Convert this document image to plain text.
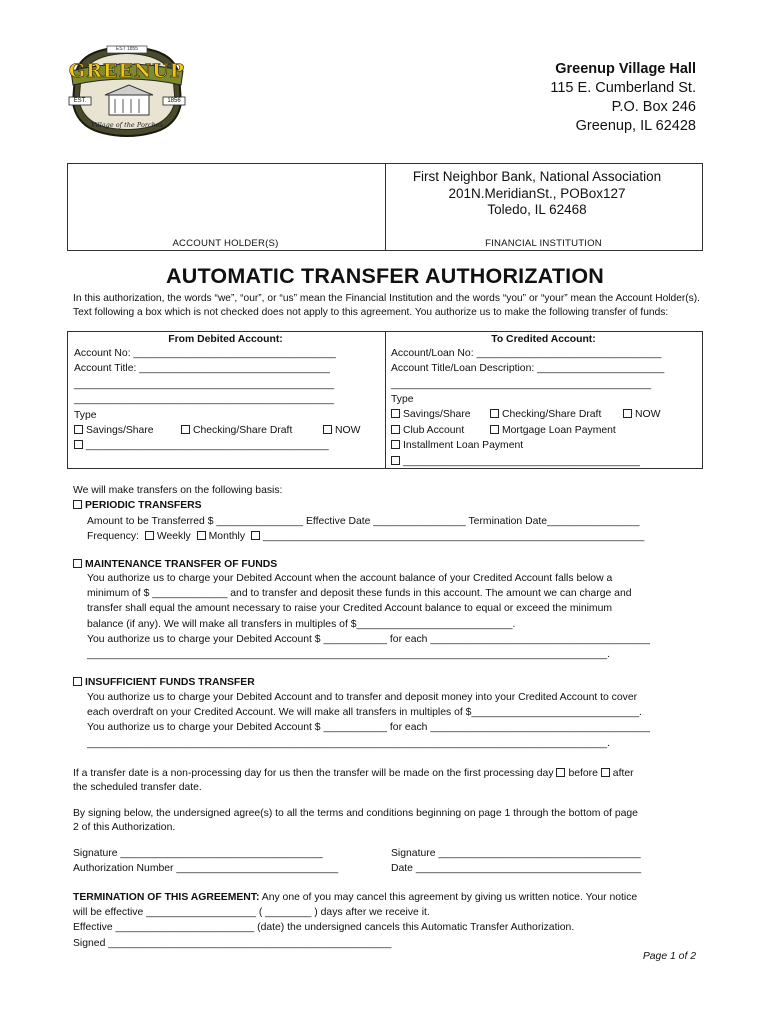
EST 1855
GREENUP
EST.	1856
Village of the Porches
Greenup Village Hall
115 E. Cumberland St.
P.O. Box 246
Greenup, IL 62428
First Neighbor Bank, National Association
201N.MeridianSt., POBox127
Toledo, IL 62468
ACCOUNT HOLDER(S)	FINANCIAL INSTITUTION
AUTOMATIC TRANSFER AUTHORIZATION
In this authorization, the words “we”, “our”, or “us” mean the Financial Institution and the words “you” or “your” mean the Account Holder(s). Text following a box which is not checked does not apply to this agreement. You authorize us to make the following transfer of funds:
From Debited Account:
Account No: ___________________________________
Account Title: _________________________________
_____________________________________________
_____________________________________________
Type
Savings/Share	Checking/Share Draft	NOW
__________________________________________
To Credited Account:
Account/Loan No: ________________________________
Account Title/Loan Description: ______________________
_____________________________________________
Type
Savings/Share	Checking/Share Draft	NOW
Club Account	Mortgage Loan Payment
Installment Loan Payment
_________________________________________
We will make transfers on the following basis:
PERIODIC TRANSFERS
Amount to be Transferred $ _______________ Effective Date ________________ Termination Date________________
Frequency: Weekly Monthly __________________________________________________________________
MAINTENANCE TRANSFER OF FUNDS
You authorize us to charge your Debited Account when the account balance of your Credited Account falls below a
minimum of $ _____________ and to transfer and deposit these funds in this account. The amount we can charge and
transfer shall equal the amount necessary to raise your Credited Account balance to equal or exceed the minimum
balance (if any). We will make all transfers in multiples of $___________________________.
You authorize us to charge your Debited Account $ ___________ for each ______________________________________
__________________________________________________________________________________________.
INSUFFICIENT FUNDS TRANSFER
You authorize us to charge your Debited Account and to transfer and deposit money into your Credited Account to cover
each overdraft on your Credited Account. We will make all transfers in multiples of $_____________________________.
You authorize us to charge your Debited Account $ ___________ for each ______________________________________
__________________________________________________________________________________________.
If a transfer date is a non-processing day for us then the transfer will be made on the first processing day before after
the scheduled transfer date.
By signing below, the undersigned agree(s) to all the terms and conditions beginning on page 1 through the bottom of page
2 of this Authorization.
Signature ___________________________________
Authorization Number ____________________________
Signature ___________________________________
Date _______________________________________
TERMINATION OF THIS AGREEMENT: Any one of you may cancel this agreement by giving us written notice. Your notice
will be effective ___________________ ( ________ ) days after we receive it.
Effective ________________________ (date) the undersigned cancels this Automatic Transfer Authorization.
Signed _________________________________________________
Page 1 of 2
